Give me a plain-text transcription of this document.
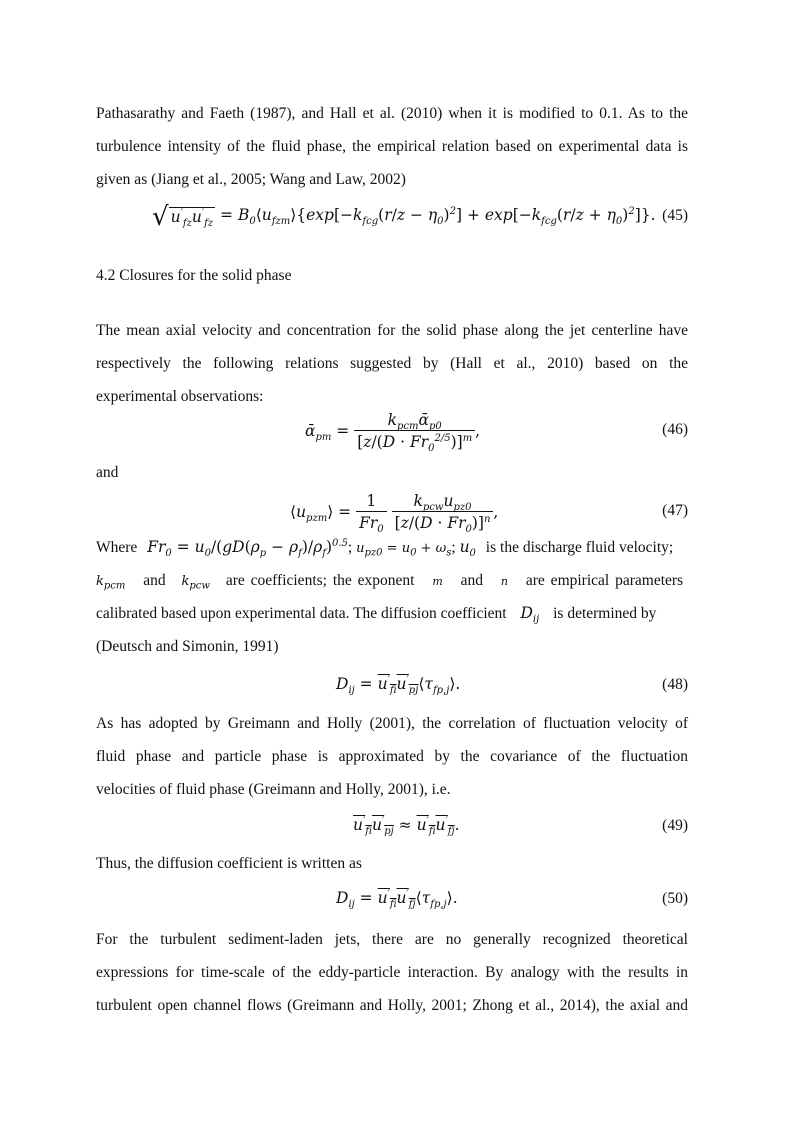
Pathasarathy and Faeth (1987), and Hall et al. (2010) when it is modified to 0.1. As to the
turbulence intensity of the fluid phase, the empirical relation based on experimental data is
given as (Jiang et al., 2005; Wang and Law, 2002)
√ $u'_{fz}u'_{fz}$ = $B_0⟨u_{fzm}⟩\{\exp[-k_{fcg}(r/z - \eta_0)^2] + \exp[-k_{fcg}(r/z + \eta_0)^2]\}$. (45)
4.2 Closures for the solid phase
The mean axial velocity and concentration for the solid phase along the jet centerline have
respectively the following relations suggested by (Hall et al., 2010) based on the
experimental observations:
ᾱ$_{pm}$ = $\frac{k_{pcm}ᾱ_{p0}}{[z/(D \cdot Fr_0^{2/5})]^m}$ ,	(46)
and
$⟨u_{pzm}⟩ = \frac{1}{Fr_0}$
$\frac{k_{pcw}u_{pz0}}{[z/(D \cdot Fr_0)]^n}$ ,	(47)
Where $Fr_0 = u_0/(gD(\rho_p - \rho_f)/\rho_f)^{0.5}$; $u_{pz0} = u_0 + \omega_s$; $u_0$ is the discharge fluid velocity;
$k_{pcm}$ and $k_{pcw}$ are coefficients; the exponent m and n are empirical parameters
calibrated based upon experimental data. The diffusion coefficient $D_{ij}$ is determined by
(Deutsch and Simonin, 1991)
$D_{ij}$ = $u'_{fi}u'_{pj}⟨\tau_{fp,j}⟩$.	(48)
As has adopted by Greimann and Holly (2001), the correlation of fluctuation velocity of
fluid phase and particle phase is approximated by the covariance of the fluctuation
velocities of fluid phase (Greimann and Holly, 2001), i.e.
$u'_{fi}u'_{pj} \approx u'_{fi}u'_{fj}$.	(49)
Thus, the diffusion coefficient is written as
$D_{ij}$ = $u'_{fi}u'_{fj}⟨\tau_{fp,j}⟩$.	(50)
For the turbulent sediment-laden jets, there are no generally recognized theoretical
expressions for time-scale of the eddy-particle interaction. By analogy with the results in
turbulent open channel flows (Greimann and Holly, 2001; Zhong et al., 2014), the axial and
